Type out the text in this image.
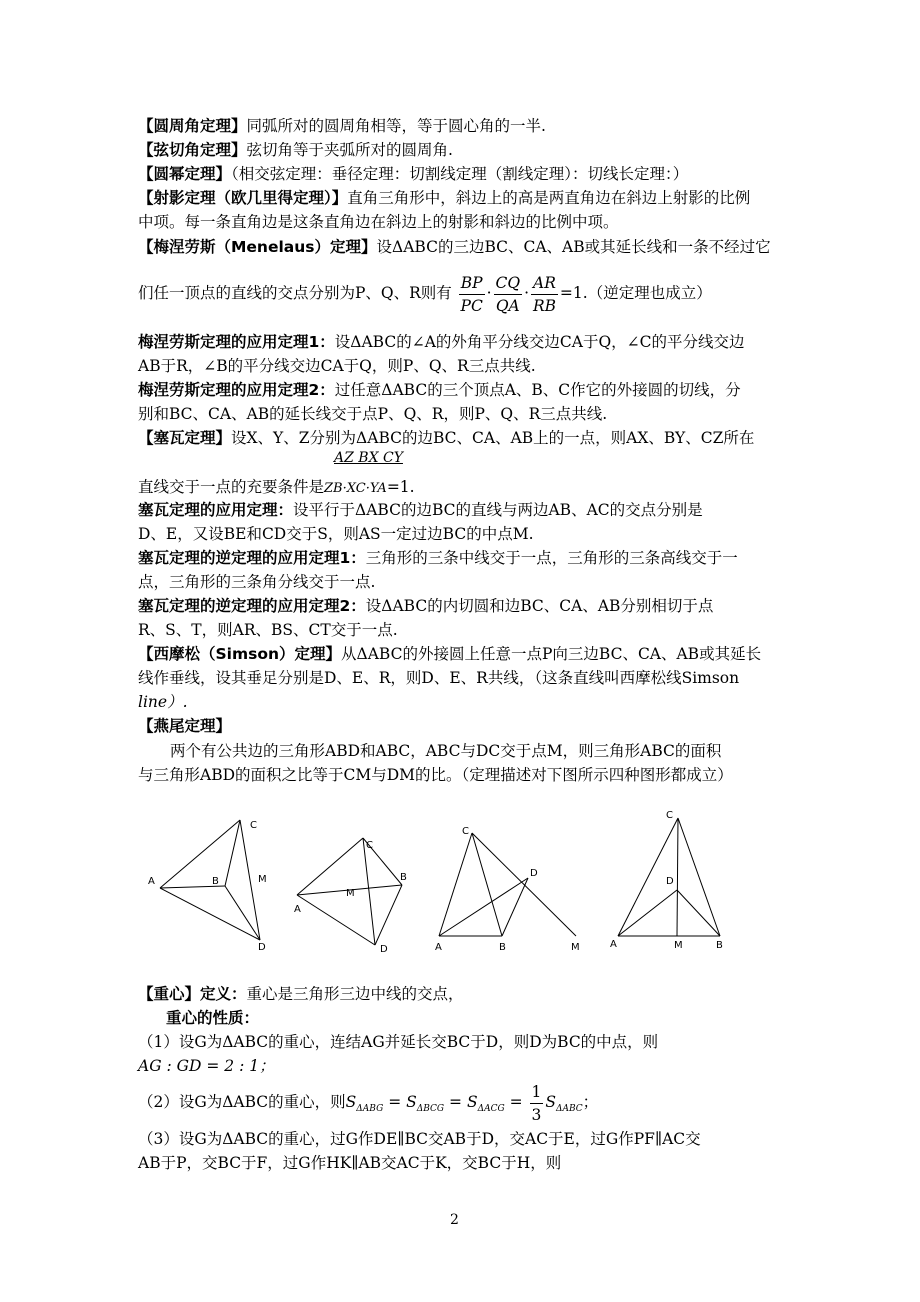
【圆周角定理】同弧所对的圆周角相等，等于圆心角的一半.
【弦切角定理】弦切角等于夹弧所对的圆周角.
【圆幂定理】（相交弦定理：垂径定理：切割线定理（割线定理）：切线长定理：）
【射影定理（欧几里得定理）】直角三角形中，斜边上的高是两直角边在斜边上射影的比例
中项。每一条直角边是这条直角边在斜边上的射影和斜边的比例中项。
【梅涅劳斯（Menelaus）定理】设ΔABC的三边BC、CA、AB或其延长线和一条不经过它
们任一顶点的直线的交点分别为P、Q、R则有 $\frac{BP}{PC} \cdot \frac{CQ}{QA} \cdot \frac{AR}{RB} =1$.（逆定理也成立）
梅涅劳斯定理的应用定理1：设ΔABC的∠A的外角平分线交边CA于Q，∠C的平分线交边
AB于R，∠B的平分线交边CA于Q，则P、Q、R三点共线.
梅涅劳斯定理的应用定理2：过任意ΔABC的三个顶点A、B、C作它的外接圆的切线，分
别和BC、CA、AB的延长线交于点P、Q、R，则P、Q、R三点共线.
【塞瓦定理】设X、Y、Z分别为ΔABC的边BC、CA、AB上的一点，则AX、BY、CZ所在
AZ BX CY
直线交于一点的充要条件是ZB·XC·YA=1.
塞瓦定理的应用定理：设平行于ΔABC的边BC的直线与两边AB、AC的交点分别是
D、E，又设BE和CD交于S，则AS一定过边BC的中点M.
塞瓦定理的逆定理的应用定理1：三角形的三条中线交于一点，三角形的三条高线交于一
点，三角形的三条角分线交于一点.
塞瓦定理的逆定理的应用定理2：设ΔABC的内切圆和边BC、CA、AB分别相切于点
R、S、T，则AR、BS、CT交于一点.
【西摩松（Simson）定理】从ΔABC的外接圆上任意一点P向三边BC、CA、AB或其延长
线作垂线，设其垂足分别是D、E、R，则D、E、R共线，（这条直线叫西摩松线Simson
line）.
【燕尾定理】
两个有公共边的三角形ABD和ABC，ABC与DC交于点M，则三角形ABC的面积
与三角形ABD的面积之比等于CM与DM的比。（定理描述对下图所示四种图形都成立）
A	B
C
M
D
A
B
C
M
D	A	B
C
D
M	A	B
C
D
M
【重心】定义：重心是三角形三边中线的交点，
重心的性质：
（1）设G为ΔABC的重心，连结AG并延长交BC于D，则D为BC的中点，则
AG : GD = 2 : 1；
（2）设G为ΔABC的重心，则$S_{\Delta ABG} = S_{\Delta BCG} = S_{\Delta ACG} = \frac{1}{3} S_{\Delta ABC}$；
（3）设G为ΔABC的重心，过G作DE∥BC交AB于D，交AC于E，过G作PF∥AC交
AB于P，交BC于F，过G作HK∥AB交AC于K，交BC于H，则
2
